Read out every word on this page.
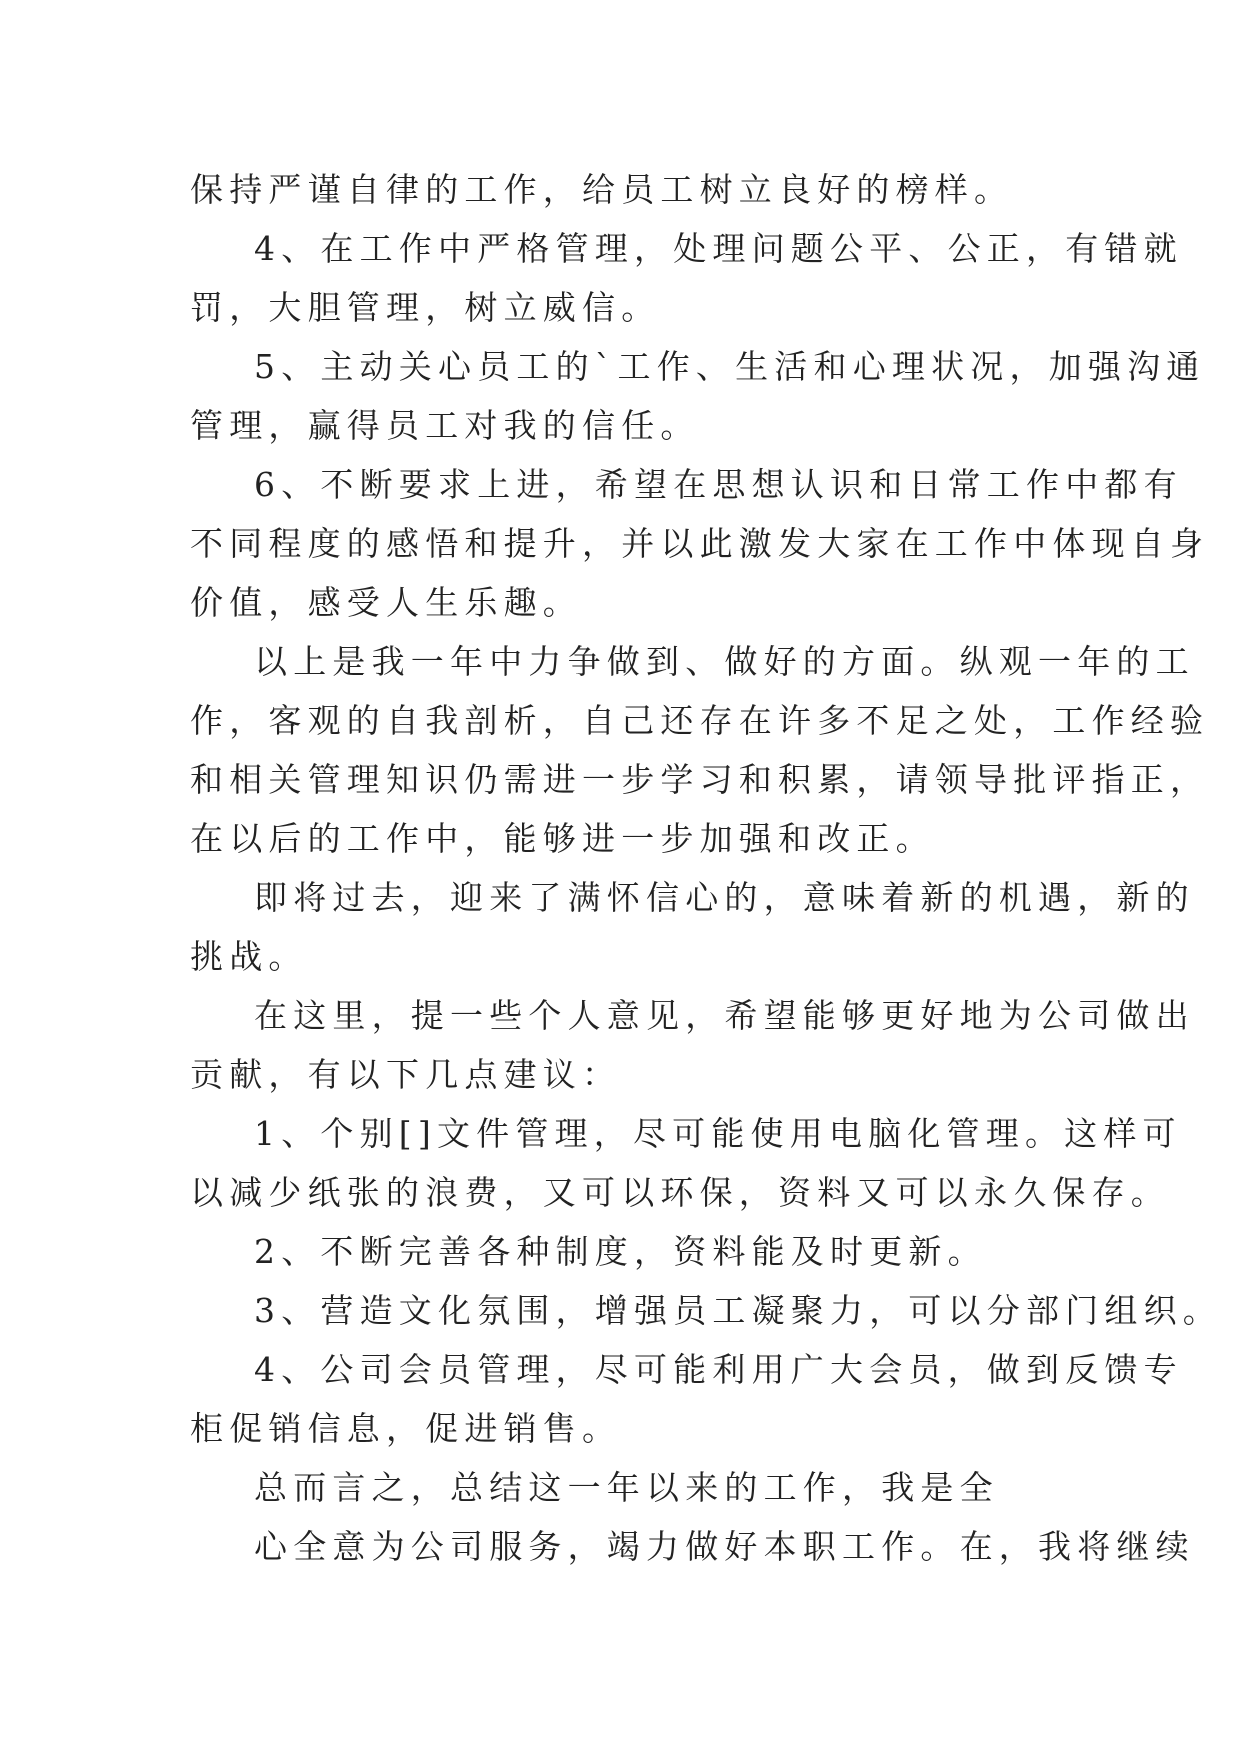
保持严谨自律的工作，给员工树立良好的榜样。
4、在工作中严格管理，处理问题公平、公正，有错就
罚，大胆管理，树立威信。
5、主动关心员工的`工作、生活和心理状况，加强沟通
管理，赢得员工对我的信任。
6、不断要求上进，希望在思想认识和日常工作中都有
不同程度的感悟和提升，并以此激发大家在工作中体现自身
价值，感受人生乐趣。
以上是我一年中力争做到、做好的方面。纵观一年的工
作，客观的自我剖析，自己还存在许多不足之处，工作经验
和相关管理知识仍需进一步学习和积累，请领导批评指正，
在以后的工作中，能够进一步加强和改正。
即将过去，迎来了满怀信心的，意味着新的机遇，新的
挑战。
在这里，提一些个人意见，希望能够更好地为公司做出
贡献，有以下几点建议：
1、个别[]文件管理，尽可能使用电脑化管理。这样可
以减少纸张的浪费，又可以环保，资料又可以永久保存。
2、不断完善各种制度，资料能及时更新。
3、营造文化氛围，增强员工凝聚力，可以分部门组织。
4、公司会员管理，尽可能利用广大会员，做到反馈专
柜促销信息，促进销售。
总而言之，总结这一年以来的工作，我是全
心全意为公司服务，竭力做好本职工作。在，我将继续
